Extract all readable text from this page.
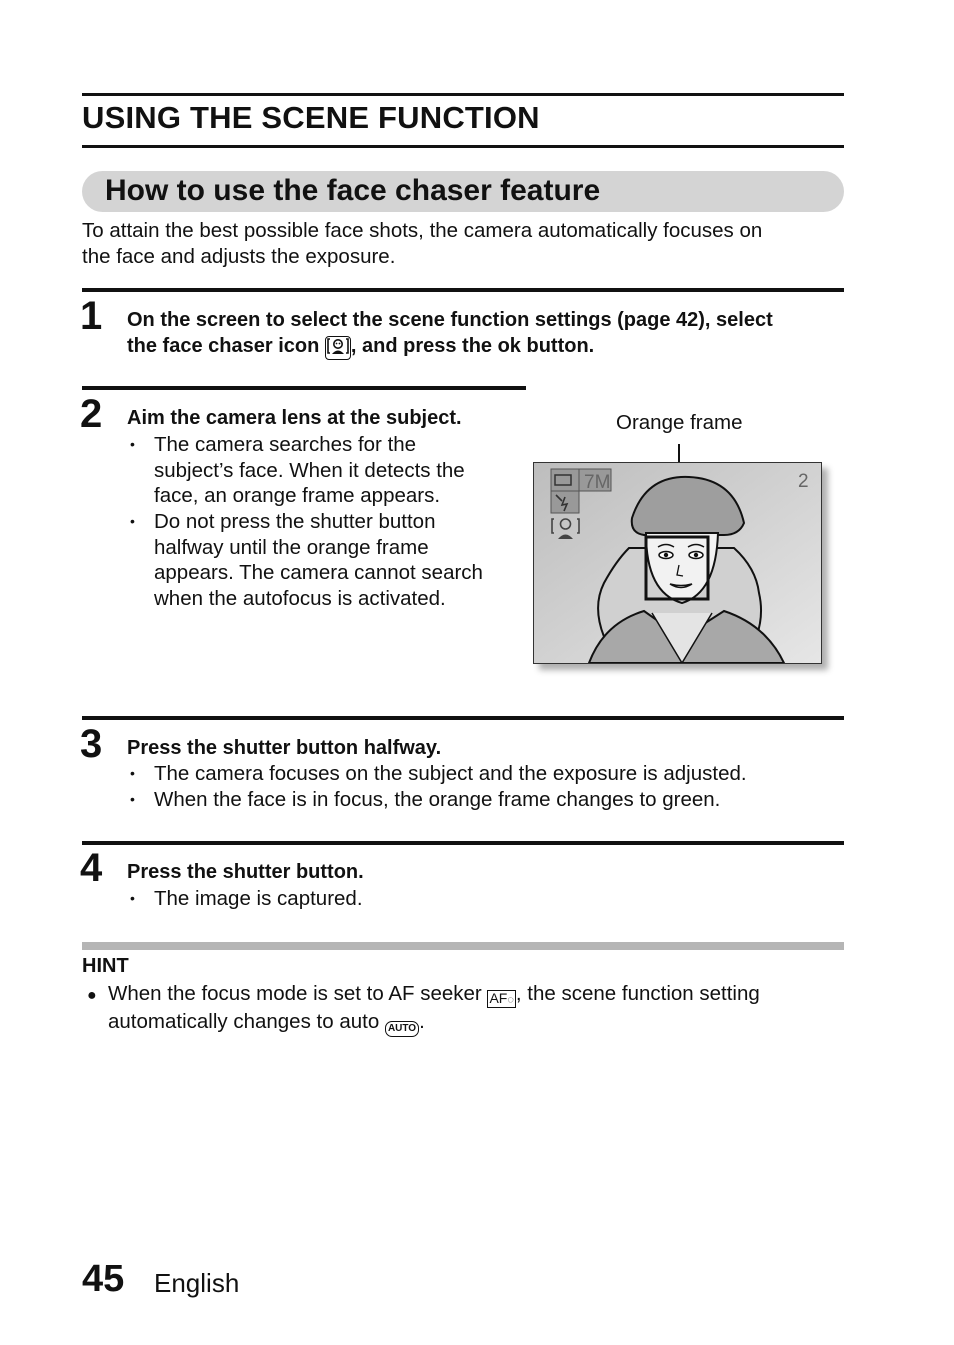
USING THE SCENE FUNCTION
How to use the face chaser feature
To attain the best possible face shots, the camera automatically focuses on
the face and adjusts the exposure.
1 On the screen to select the scene function settings (page 42), select
the face chaser icon , and press the ok button.
2 Aim the camera lens at the subject.
• The camera searches for the
subject’s face. When it detects the
face, an orange frame appears.
• Do not press the shutter button
halfway until the orange frame
appears. The camera cannot search
when the autofocus is activated.
Orange frame
7M	2
3 Press the shutter button halfway.
• The camera focuses on the subject and the exposure is adjusted.
• When the face is in focus, the orange frame changes to green.
4 Press the shutter button.
• The image is captured.
HINT
● When the focus mode is set to AF seeker AF◌, the scene function setting
automatically changes to auto AUTO .
45 English
